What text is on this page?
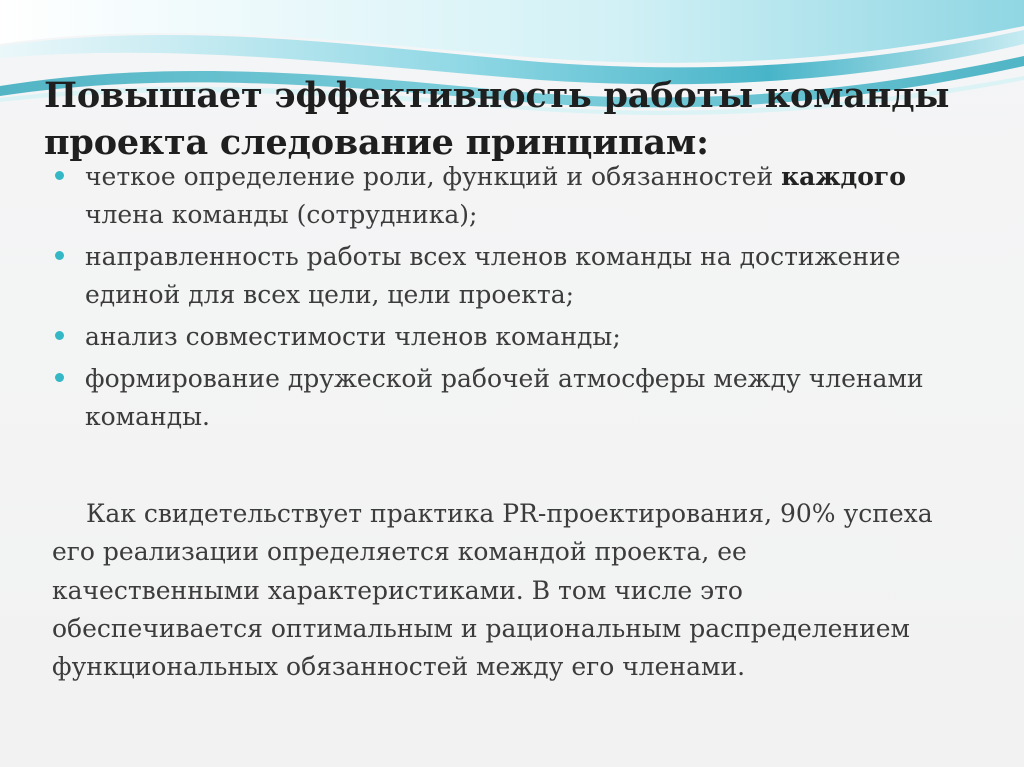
Повышает эффективность работы команды проекта следование принципам:
четкое определение роли, функций и обязанностей каждого члена команды (сотрудника);
направленность работы всех членов команды на достижение единой для всех цели, цели проекта;
анализ совместимости членов команды;
формирование дружеской рабочей атмосферы между членами команды.

Как свидетельствует практика PR-проектирования, 90% успеха его реализации определяется командой проекта, ее качественными характеристиками. В том числе это обеспечивается оптимальным и рациональным распределением функциональных обязанностей между его членами.
